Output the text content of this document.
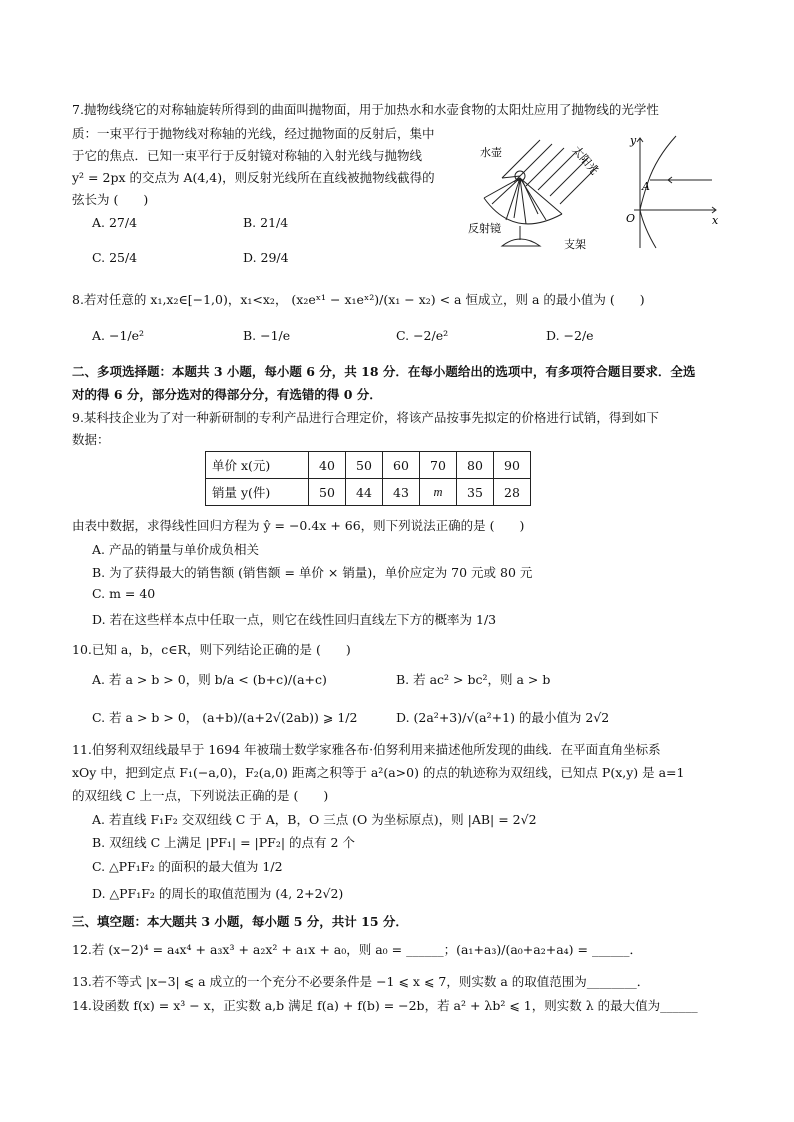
7.抛物线绕它的对称轴旋转所得到的曲面叫抛物面，用于加热水和水壶食物的太阳灶应用了抛物线的光学性
质：一束平行于抛物线对称轴的光线，经过抛物面的反射后，集中
于它的焦点．已知一束平行于反射镜对称轴的入射光线与抛物线
y² = 2px 的交点为 A(4,4)，则反射光线所在直线被抛物线截得的
弦长为 (　　)
A. 27/4	B. 21/4
C. 25/4	D. 29/4
水壶	太阳光
反射镜
支架
y
x
A
O
8.若对任意的 x₁,x₂∈[−1,0)，x₁<x₂， (x₂eˣ¹ − x₁eˣ²)/(x₁ − x₂) < a 恒成立，则 a 的最小值为 (　　)
A. −1/e²	B. −1/e	C. −2/e²	D. −2/e
二、多项选择题：本题共 3 小题，每小题 6 分，共 18 分．在每小题给出的选项中，有多项符合题目要求．全选
对的得 6 分，部分选对的得部分分，有选错的得 0 分．
9.某科技企业为了对一种新研制的专利产品进行合理定价，将该产品按事先拟定的价格进行试销，得到如下
数据：
单价 x(元)	40	50	60	70	80	90
销量 y(件)	50	44	43	m	35	28
由表中数据，求得线性回归方程为 ŷ = −0.4x + 66，则下列说法正确的是 (　　)
A. 产品的销量与单价成负相关
B. 为了获得最大的销售额 (销售额 = 单价 × 销量)，单价应定为 70 元或 80 元
C. m = 40
D. 若在这些样本点中任取一点，则它在线性回归直线左下方的概率为 1/3
10.已知 a，b，c∈R，则下列结论正确的是 (　　)
A. 若 a > b > 0，则 b/a < (b+c)/(a+c)	B. 若 ac² > bc²，则 a > b
C. 若 a > b > 0， (a+b)/(a+2√(2ab)) ⩾ 1/2	D. (2a²+3)/√(a²+1) 的最小值为 2√2
11.伯努利双纽线最早于 1694 年被瑞士数学家雅各布·伯努利用来描述他所发现的曲线．在平面直角坐标系
xOy 中，把到定点 F₁(−a,0)，F₂(a,0) 距离之积等于 a²(a>0) 的点的轨迹称为双纽线，已知点 P(x,y) 是 a=1
的双纽线 C 上一点，下列说法正确的是 (　　)
A. 若直线 F₁F₂ 交双纽线 C 于 A，B，O 三点 (O 为坐标原点)，则 |AB| = 2√2
B. 双纽线 C 上满足 |PF₁| = |PF₂| 的点有 2 个
C. △PF₁F₂ 的面积的最大值为 1/2
D. △PF₁F₂ 的周长的取值范围为 (4, 2+2√2)
三、填空题：本大题共 3 小题，每小题 5 分，共计 15 分．
12.若 (x−2)⁴ = a₄x⁴ + a₃x³ + a₂x² + a₁x + a₀，则 a₀ = ______；(a₁+a₃)/(a₀+a₂+a₄) = ______．
13.若不等式 |x−3| ⩽ a 成立的一个充分不必要条件是 −1 ⩽ x ⩽ 7，则实数 a 的取值范围为________．
14.设函数 f(x) = x³ − x，正实数 a,b 满足 f(a) + f(b) = −2b，若 a² + λb² ⩽ 1，则实数 λ 的最大值为______
